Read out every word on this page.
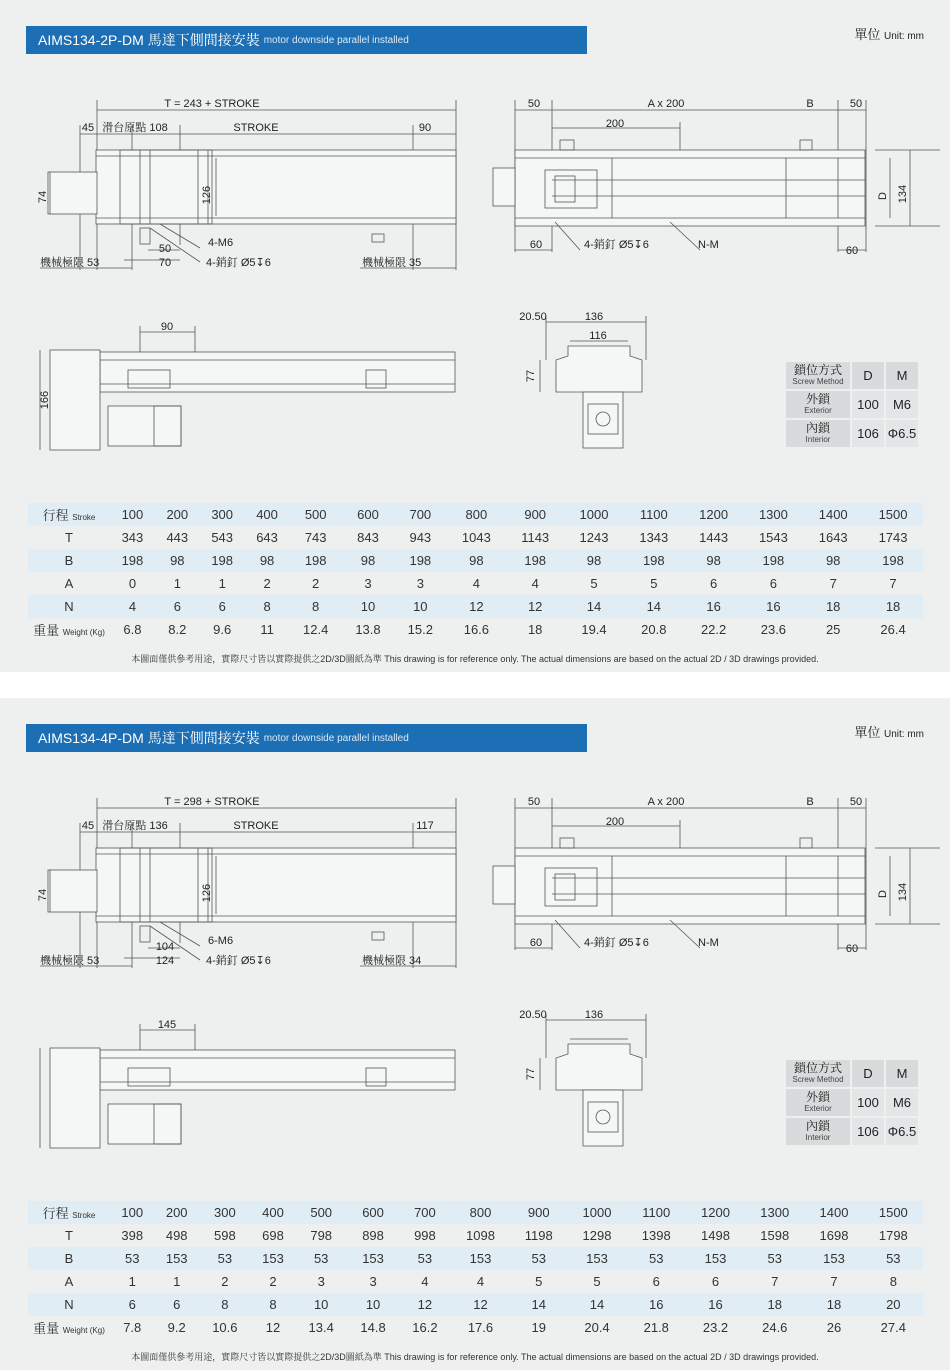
AIMS134-2P-DM 馬達下側間接安裝 motor downside parallel installed	單位 Unit: mm
T = 243 + STROKE
45 滑台原點 108	STROKE	90
74	126
50
70
4-M6
4-銷釘 Ø5↧6
機械極限 53	機械極限 35
50	A x 200	B	50
200
D 134
60	4-銷釘 Ø5↧6	N-M	60
90
166
20.50	136
116
77	鎖位方式
Screw Method	D	M

外鎖
Exterior	100	M6

內鎖
Interior	106	Φ6.5
行程 Stroke	100	200	300	400	500	600	700	800	900	1000	1100	1200	1300	1400	1500
T	343	443	543	643	743	843	943	1043	1143	1243	1343	1443	1543	1643	1743
B	198	98	198	98	198	98	198	98	198	98	198	98	198	98	198
A	0	1	1	2	2	3	3	4	4	5	5	6	6	7	7
N	4	6	6	8	8	10	10	12	12	14	14	16	16	18	18
重量 Weight (Kg)	6.8	8.2	9.6	11	12.4	13.8	15.2	16.6	18	19.4	20.8	22.2	23.6	25	26.4
本圖面僅供參考用途，實際尺寸皆以實際提供之2D/3D圖紙為準 This drawing is for reference only. The actual dimensions are based on the actual 2D / 3D drawings provided.
AIMS134-4P-DM 馬達下側間接安裝 motor downside parallel installed	單位 Unit: mm
T = 298 + STROKE
45 滑台原點 136	STROKE	117
74	126
104
124
6-M6
4-銷釘 Ø5↧6
機械極限 53	機械極限 34
50	A x 200	B	50
200
D 134
60	4-銷釘 Ø5↧6	N-M	60
145
20.50	136
77	鎖位方式
Screw Method	D	M

外鎖
Exterior	100	M6

內鎖
Interior	106	Φ6.5
行程 Stroke	100	200	300	400	500	600	700	800	900	1000	1100	1200	1300	1400	1500
T	398	498	598	698	798	898	998	1098	1198	1298	1398	1498	1598	1698	1798
B	53	153	53	153	53	153	53	153	53	153	53	153	53	153	53
A	1	1	2	2	3	3	4	4	5	5	6	6	7	7	8
N	6	6	8	8	10	10	12	12	14	14	16	16	18	18	20
重量 Weight (Kg)	7.8	9.2	10.6	12	13.4	14.8	16.2	17.6	19	20.4	21.8	23.2	24.6	26	27.4
本圖面僅供參考用途，實際尺寸皆以實際提供之2D/3D圖紙為準 This drawing is for reference only. The actual dimensions are based on the actual 2D / 3D drawings provided.
